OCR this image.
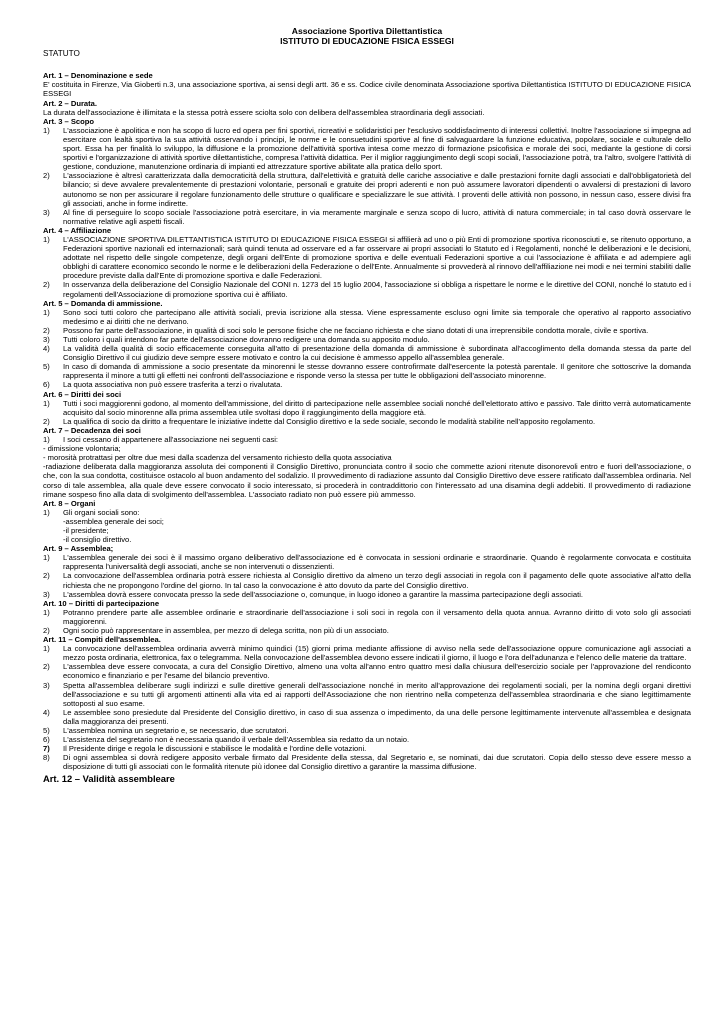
Associazione Sportiva Dilettantistica
ISTITUTO DI EDUCAZIONE FISICA ESSEGI
STATUTO
Art. 1 – Denominazione e sede

E' costituita in Firenze, Via Gioberti n.3, una associazione sportiva, ai sensi degli artt. 36 e ss. Codice civile denominata Associazione sportiva Dilettantistica ISTITUTO DI EDUCAZIONE FISICA ESSEGI

Art. 2 – Durata.

La durata dell'associazione è illimitata e la stessa potrà essere sciolta solo con delibera dell'assemblea straordinaria degli associati.

Art. 3 – Scopo
1)	L'associazione è apolitica e non ha scopo di lucro ed opera per fini sportivi, ricreativi e solidaristici per l'esclusivo soddisfacimento di interessi collettivi. Inoltre l'associazione si impegna ad esercitare con lealtà sportiva la sua attività osservando i principi, le norme e le consuetudini sportive al fine di salvaguardare la funzione educativa, popolare, sociale e culturale dello sport. Essa ha per finalità lo sviluppo, la diffusione e la promozione dell'attività sportiva intesa come mezzo di formazione psicofisica e morale dei soci, mediante la gestione di corsi sportivi e l'organizzazione di attività sportive dilettantistiche, compresa l'attività didattica. Per il miglior raggiungimento degli scopi sociali, l'associazione potrà, tra l'altro, svolgere l'attività di gestione, conduzione, manutenzione ordinaria di impianti ed attrezzature sportive abilitate alla pratica dello sport.
2)	L'associazione è altresì caratterizzata dalla democraticità della struttura, dall'elettività e gratuità delle cariche associative e dalle prestazioni fornite dagli associati e dall'obbligatorietà del bilancio; si deve avvalere prevalentemente di prestazioni volontarie, personali e gratuite dei propri aderenti e non può assumere lavoratori dipendenti o avvalersi di prestazioni di lavoro autonomo se non per assicurare il regolare funzionamento delle strutture o qualificare e specializzare le sue attività. I proventi delle attività non possono, in nessun caso, essere divisi fra gli associati, anche in forme indirette.
3)	Al fine di perseguire lo scopo sociale l'associazione potrà esercitare, in via meramente marginale e senza scopo di lucro, attività di natura commerciale; in tal caso dovrà osservare le normative relative agli aspetti fiscali.
Art. 4 – Affiliazione
1)	L'ASSOCIAZIONE SPORTIVA DILETTANTISTICA ISTITUTO DI EDUCAZIONE FISICA ESSEGI si affilierà ad uno o più Enti di promozione sportiva riconosciuti e, se ritenuto opportuno, a Federazioni sportive nazionali ed internazionali; sarà quindi tenuta ad osservare ed a far osservare ai propri associati lo Statuto ed i Regolamenti, nonché le deliberazioni e le decisioni, adottate nel rispetto delle singole competenze, degli organi dell'Ente di promozione sportiva e delle eventuali Federazioni sportive a cui l'associazione è affiliata e ad adempiere agli obblighi di carattere economico secondo le norme e le deliberazioni della Federazione o dell'Ente. Annualmente si provvederà al rinnovo dell'affiliazione nei modi e nei termini stabiliti dalle procedure previste dalla dall'Ente di promozione sportiva e dalle Federazioni.
2)	In osservanza della deliberazione del Consiglio Nazionale del CONI n. 1273 del 15 luglio 2004, l'associazione si obbliga a rispettare le norme e le direttive del CONI, nonché lo statuto ed i regolamenti dell'Associazione di promozione sportiva cui è affiliato.
Art. 5 – Domanda di ammissione.
1)	Sono soci tutti coloro che partecipano alle attività sociali, previa iscrizione alla stessa. Viene espressamente escluso ogni limite sia temporale che operativo al rapporto associativo medesimo e ai diritti che ne derivano.
2)	Possono far parte dell'associazione, in qualità di soci solo le persone fisiche che ne facciano richiesta e che siano dotati di una irreprensibile condotta morale, civile e sportiva.
3)	Tutti coloro i quali intendono far parte dell'associazione dovranno redigere una domanda su apposito modulo.
4)	La validità della qualità di socio efficacemente conseguita all'atto di presentazione della domanda di ammissione è subordinata all'accoglimento della domanda stessa da parte del Consiglio Direttivo il cui giudizio deve sempre essere motivato e contro la cui decisione è ammesso appello all'assemblea generale.
5)	In caso di domanda di ammissione a socio presentate da minorenni le stesse dovranno essere controfirmate dall'esercente la potestà parentale. Il genitore che sottoscrive la domanda rappresenta il minore a tutti gli effetti nei confronti dell'associazione e risponde verso la stessa per tutte le obbligazioni dell'associato minorenne.
6)	La quota associativa non può essere trasferita a terzi o rivalutata.
Art. 6 – Diritti dei soci
1)	Tutti i soci maggiorenni godono, al momento dell'ammissione, del diritto di partecipazione nelle assemblee sociali nonché dell'elettorato attivo e passivo. Tale diritto verrà automaticamente acquisito dal socio minorenne alla prima assemblea utile svoltasi dopo il raggiungimento della maggiore età.
2)	La qualifica di socio da diritto a frequentare le iniziative indette dal Consiglio direttivo e la sede sociale, secondo le modalità stabilite nell'apposito regolamento.
Art. 7 – Decadenza dei soci
1)	I soci cessano di appartenere all'associazione nei seguenti casi:

- dimissione volontaria;

- morosità protrattasi per oltre due mesi dalla scadenza del versamento richiesto della quota associativa

-radiazione deliberata dalla maggioranza assoluta dei componenti il Consiglio Direttivo, pronunciata contro il socio che commette azioni ritenute disonorevoli entro e fuori dell'associazione, o che, con la sua condotta, costituisce ostacolo al buon andamento del sodalizio. Il provvedimento di radiazione assunto dal Consiglio Direttivo deve essere ratificato dall'assemblea ordinaria. Nel corso di tale assemblea, alla quale deve essere convocato il socio interessato, si procederà in contraddittorio con l'interessato ad una disamina degli addebiti. Il provvedimento di radiazione rimane sospeso fino alla data di svolgimento dell'assemblea. L'associato radiato non può essere più ammesso.

Art. 8 – Organi
1)	Gli organi sociali sono:

-assemblea generale dei soci;

-il presidente;

-il consiglio direttivo.

Art. 9 – Assemblea;
1)	L'assemblea generale dei soci è il massimo organo deliberativo dell'associazione ed è convocata in sessioni ordinarie e straordinarie. Quando è regolarmente convocata e costituita rappresenta l'universalità degli associati, anche se non intervenuti o dissenzienti.
2)	La convocazione dell'assemblea ordinaria potrà essere richiesta al Consiglio direttivo da almeno un terzo degli associati in regola con il pagamento delle quote associative all'atto della richiesta che ne propongono l'ordine del giorno. In tal caso la convocazione è atto dovuto da parte del Consiglio direttivo.
3)	L'assemblea dovrà essere convocata presso la sede dell'associazione o, comunque, in luogo idoneo a garantire la massima partecipazione degli associati.
Art. 10 – Diritti di partecipazione
1)	Potranno prendere parte alle assemblee ordinarie e straordinarie dell'associazione i soli soci in regola con il versamento della quota annua. Avranno diritto di voto solo gli associati maggiorenni.
2)	Ogni socio può rappresentare in assemblea, per mezzo di delega scritta, non più di un associato.
Art. 11 – Compiti dell'assemblea.
1)	La convocazione dell'assemblea ordinaria avverrà minimo quindici (15) giorni prima mediante affissione di avviso nella sede dell'associazione oppure comunicazione agli associati a mezzo posta ordinaria, elettronica, fax o telegramma. Nella convocazione dell'assemblea devono essere indicati il giorno, il luogo e l'ora dell'adunanza e l'elenco delle materie da trattare.
2)	L'assemblea deve essere convocata, a cura del Consiglio Direttivo, almeno una volta all'anno entro quattro mesi dalla chiusura dell'esercizio sociale per l'approvazione del rendiconto economico e finanziario e per l'esame del bilancio preventivo.
3)	Spetta all'assemblea deliberare sugli indirizzi e sulle direttive generali dell'associazione nonché in merito all'approvazione dei regolamenti sociali, per la nomina degli organi direttivi dell'associazione e su tutti gli argomenti attinenti alla vita ed ai rapporti dell'Associazione che non rientrino nella competenza dell'assemblea straordinaria e che siano legittimamente sottoposti al suo esame.
4)	Le assemblee sono presiedute dal Presidente del Consiglio direttivo, in caso di sua assenza o impedimento, da una delle persone legittimamente intervenute all'assemblea e designata dalla maggioranza dei presenti.
5)	L'assemblea nomina un segretario e, se necessario, due scrutatori.
6)	L'assistenza del segretario non è necessaria quando il verbale dell'Assemblea sia redatto da un notaio.
7)	Il Presidente dirige e regola le discussioni e stabilisce le modalità e l'ordine delle votazioni.
8)	Di ogni assemblea si dovrà redigere apposito verbale firmato dal Presidente della stessa, dal Segretario e, se nominati, dai due scrutatori. Copia dello stesso deve essere messo a disposizione di tutti gli associati con le formalità ritenute più idonee dal Consiglio direttivo a garantire la massima diffusione.
Art. 12 – Validità assembleare
